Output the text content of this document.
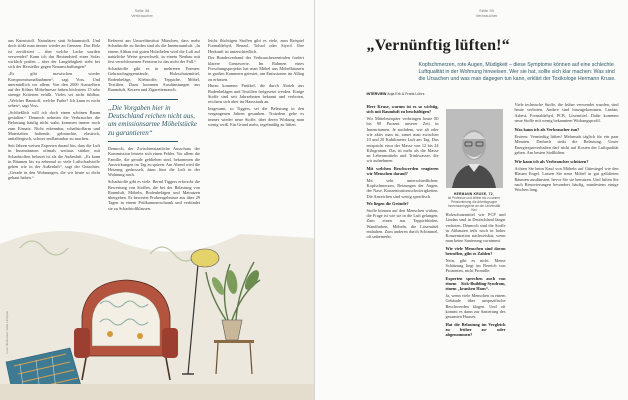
Seite 38
Verbraucher

aus Kunststoff. Naturlatex statt Schaumstoff. Und doch stößt man immer wieder an Grenzen. Das Holz ist zertifiziert – aber welche Lacke wurden verwendet? Kann ich das Bestandsteil eines Sofas wirklich prüfen – aber der Langlebigkeit steht bei sich der Hersteller gegen Neuanschaffungen?

„Es gibt inzwischen wieder Kompromissmaßnahmen“, sagt Voss. Und unermüdlich vor allem: Von den 2000 Ausstellern auf der Kölner Möbelmesse haben höchstens 15 sehr strenge Kriterien erfüllt. Vieles sei nicht fühlbar. „Welcher Baustoff, welche Farbe? Ich kann es nicht sehen“, sagt Voss.

„Schließlich will ich doch einen schönen Raum gestalten.“ Dennoch nehmen die Verbraucher die Belastung häufig nicht wahr, kommen immer noch zum Einsatz. Nicht erkennbar, schadstoffarm und Materialien haftende, gebrauchte, elastisch, antiallergisch, schwer entflammbar zu machen.

Seit Jahren weisen Experten darauf hin, dass die Luft in Innenräumen oftmals weitaus stärker mit Schadstoffen belastet ist als die Außenluft. „Es kann in Räumen bis zu zehnmal so viele Luftschadstoffe geben wie in der Außenluft“, sagt der Gutachter. „Gerade in den Wohnungen, die wir heute so dicht gebaut haben.“

Referent am Umweltinstitut München, dass mehr Schadstoffe zu finden sind als die Innenraumluft. „In einem Altbau mit guten Holzdielen wird die Luft auf natürliche Weise gewechselt, in einem Neubau mit fest verschlossenen Fenstern ist das nicht der Fall.“

Schadstoffe gibt es in mehreren Formen: Gebrauchsgegenstände, Holzschutzmittel, Bodenbeläge, Klebstoffe, Teppiche, Möbel, Textilien. Dazu kommen Ausdünstungen aus Raumduft, Kerzen und Zigarettenrauch.

Dennoch, der Zwischenstaatliche Ausschuss der Kommission leistete sich einen Fehler. Vor allem die Familie, die gerade geblieben sind, bekommen die Auswirkungen im Tag zu spüren. Am Abend wird die Heizung gedrosselt, dann lässt die Luft in der Wohnung nach.

Schadstoffe gibt es viele. Bernd Tiggers erforscht die Bewertung von Stoffen, die bei der Belastung von Raumluft, Möbeln, Bodenbelägen und Matratzen übergehen. Er bewertet Probeergebnisse aus über 29 Tagen in einem Prüfkammerschrank und verbindet sie zu Schadstoffklassen.

„Die Vorgaben hier in Deutschland reichen nicht aus, um emissionsarme Möbelstücke zu garantieren“

leicht flüchtigen Stoffen gibt es viele, zum Beispiel Formaldehyd, Benzol, Toluol oder Styrol. Ihre Herkunft ist unterschiedlich.

Der Bundesverband der Verbraucherzentralen fordert klarere Grenzwerte. Im Rahmen eines Forschungsprojekts hat man Möbel aus Möbelhäusern in großen Kammern getestet, um Emissionen im Alltag zu erfassen.

Hinzu kommen Partikel, die durch Abrieb aus Bodenbelägen und Textilien freigesetzt werden. Einige Stoffe sind seit Jahrzehnten bekannt und verboten, reichern sich aber im Hausstaub an.

Insgesamt, so Tiggers, sei die Belastung in den vergangenen Jahren gesunken. Trotzdem gebe es immer wieder neue Stoffe, über deren Wirkung man wenig weiß. Ein Grund mehr, regelmäßig zu lüften.

Foto: Illustration: Sofie Lindqvist
Seite 39
Verbraucher
„Vernünftig lüften!“
Kopfschmerzen, rote Augen, Müdigkeit – diese Symptome können auf eine schlechte Luftqualität in der Wohnung hinweisen. Wer sie hat, sollte sich klar machen: Was sind die Ursachen und was man dagegen tun kann, erklärt der Toxikologe Hermann Kruse.
INTERVIEW Anja Erk & Frank Lührs

Herr Kruse, warum ist es so wichtig, sich mit Raumluft zu beschäftigen?

Wir Mitteleuropäer verbringen heute 80 bis 90 Prozent unserer Zeit in Innenräumen. Je nachdem, wie alt oder wie aktiv man ist, atmet man zwischen 10 und 20 Kubikmeter Luft am Tag. Das entspricht etwa der Masse von 12 bis 24 Kilogramm. Das ist mehr als die Masse an Lebensmitteln und Trinkwasser, die wir aufnehmen.

Mit welchen Beschwerden reagieren wir Menschen darauf?

Mit sehr unterschiedlichen: Kopfschmerzen, Reizungen der Augen, der Nase, Konzentrationsschwierigkeiten. Die Anzeichen sind wenig spezifisch.

Wo liegen die Gründe?

Stoffe können auf den Menschen wirken, die Frage ist wie sie in die Luft gelangen. Zum einen aus Teppichböden, Wandfarben, Möbeln, die Lösemittel enthalten. Zum anderen durch Schimmel, oft unbemerkt.

HERMANN KRUSE, 72,
ist Professor und leitete bis zu seiner Pensionierung die Arbeitsgruppe Innenraumhygiene an der Universität Kiel

Holzschutzmittel wie PCP und Lindan sind in Deutschland längst verboten. Dennoch sind die Stoffe in Altbauten teils noch in hoher Konzentration nachweisbar, wenn man keine Sanierung vornimmt.

Wie viele Menschen sind davon betroffen, gibt es Zahlen?

Nein, gibt es nicht. Meine Schätzung liegt im Bereich von Prozenten, nicht Promille.

Experten sprechen auch von einem Sick-Building-Syndrom, einem „kranken Haus“.

Ja, wenn viele Menschen in einem Gebäude über unspezifische Beschwerden klagen. Und oft kommt es dann zur Sanierung des gesamten Hauses.

Hat die Belastung im Vergleich zu früher zu- oder abgenommen?

Viele technische Stoffe, die früher verwendet wurden, sind heute verboten. Andere sind hinzugekommen. Lindan, Asbest, Formaldehyd, PCB, Lösemittel. Dafür kommen neue Stoffe mit wenig bekanntem Wirkungsprofil.

Was kann ich als Verbraucher tun?

Erstens: Vernünftig lüften! Mehrmals täglich für ein paar Minuten. Dadurch sinkt die Belastung. Unser Energiesparverhalten darf nicht auf Kosten der Luftqualität gehen. Am besten Stoßlüften.

Wie kann ich als Verbraucher schützen?

Achten Sie beim Kauf von Möbeln auf Gütesiegel wie den Blauen Engel. Lassen Sie neue Möbel in gut gelüfteten Räumen ausdünsten, bevor Sie sie benutzen. Und lüften Sie nach Renovierungen besonders häufig, mindestens einige Wochen lang.
